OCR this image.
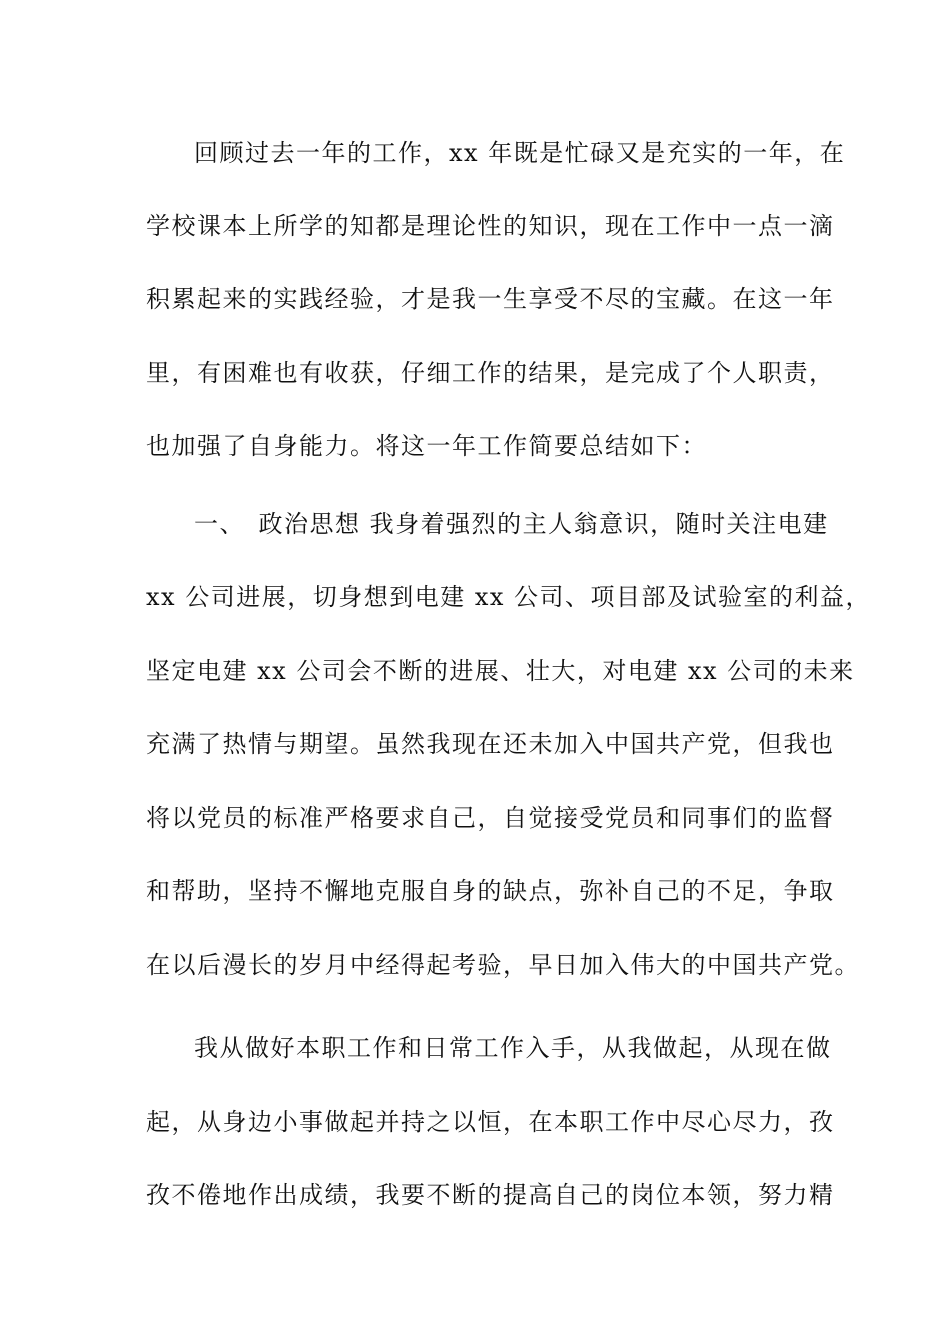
回顾过去一年的工作，xx 年既是忙碌又是充实的一年，在
学校课本上所学的知都是理论性的知识，现在工作中一点一滴
积累起来的实践经验，才是我一生享受不尽的宝藏。在这一年
里，有困难也有收获，仔细工作的结果，是完成了个人职责，
也加强了自身能力。将这一年工作简要总结如下：
一、　政治思想 我身着强烈的主人翁意识，随时关注电建
xx 公司进展，切身想到电建 xx 公司、项目部及试验室的利益，
坚定电建 xx 公司会不断的进展、壮大，对电建 xx 公司的未来
充满了热情与期望。虽然我现在还未加入中国共产党，但我也
将以党员的标准严格要求自己，自觉接受党员和同事们的监督
和帮助，坚持不懈地克服自身的缺点，弥补自己的不足，争取
在以后漫长的岁月中经得起考验，早日加入伟大的中国共产党。
我从做好本职工作和日常工作入手，从我做起，从现在做
起，从身边小事做起并持之以恒，在本职工作中尽心尽力，孜
孜不倦地作出成绩，我要不断的提高自己的岗位本领，努力精
